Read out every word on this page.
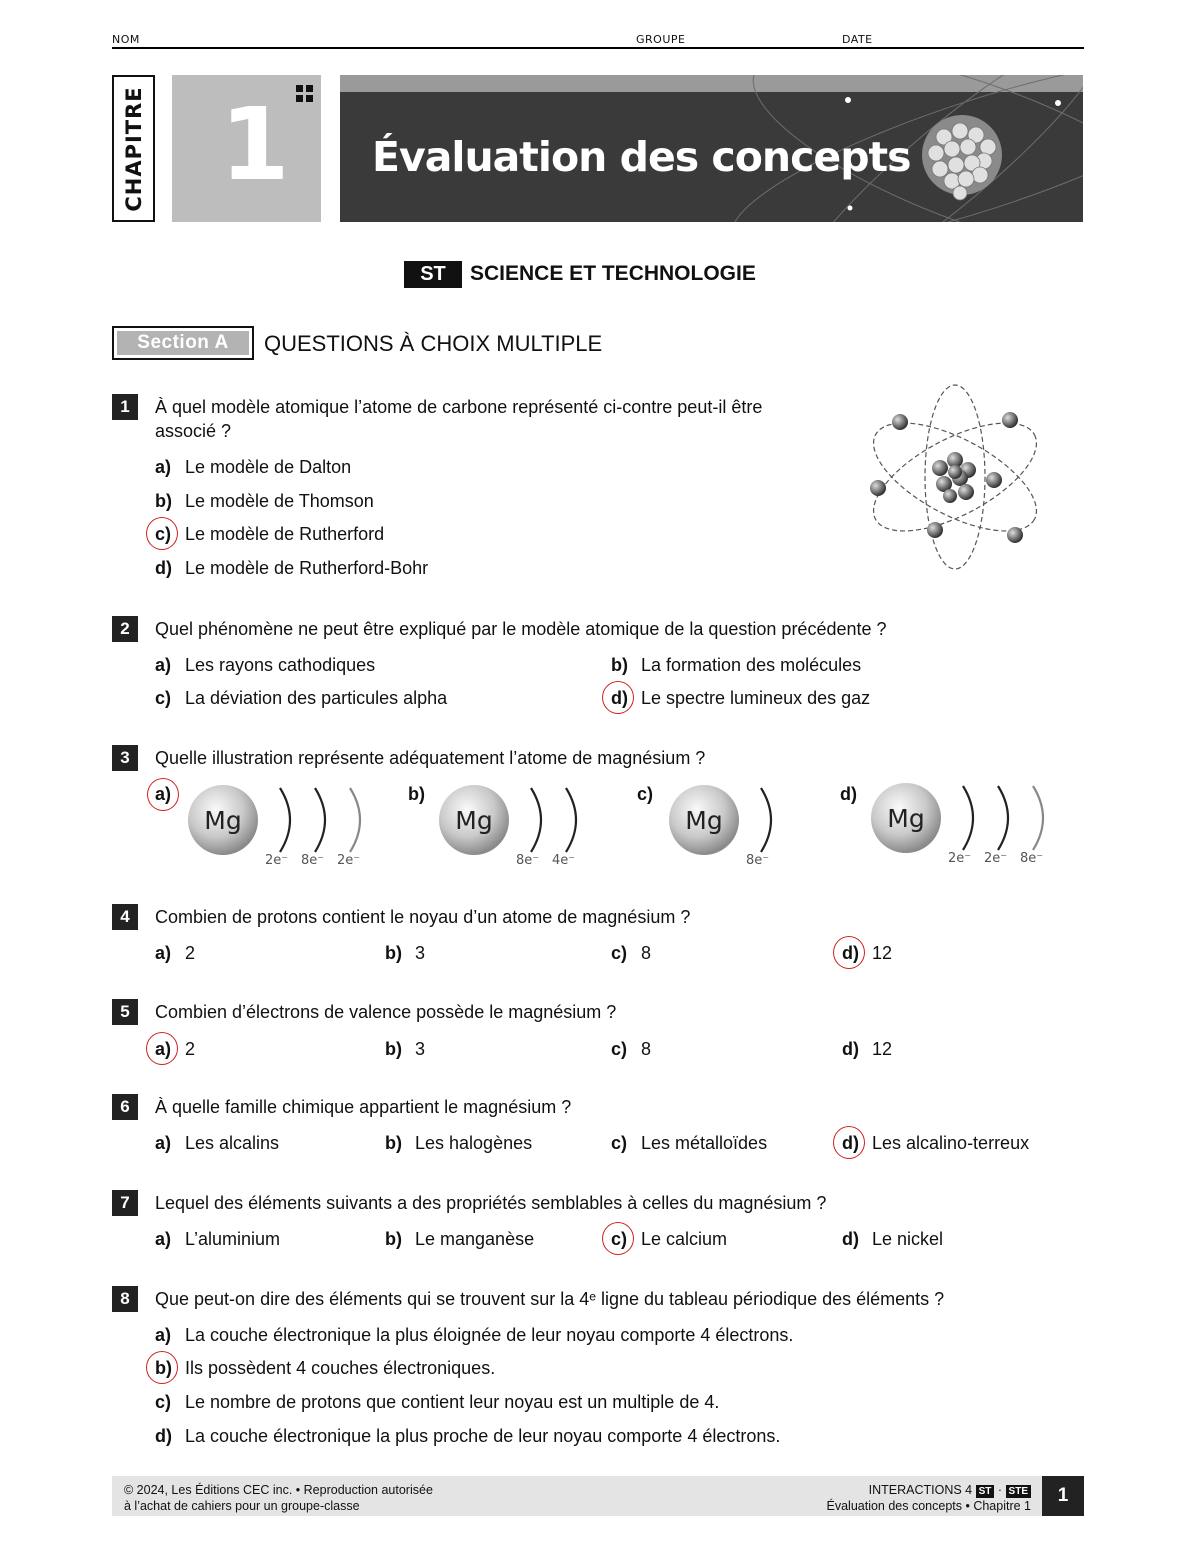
NOM	GROUPE	DATE
CHAPITRE 1 Évaluation des concepts
ST	SCIENCE ET TECHNOLOGIE
Section A	QUESTIONS À CHOIX MULTIPLE
1	À quel modèle atomique l’atome de carbone représenté ci-contre peut-il être associé ?
a) Le modèle de Dalton
b) Le modèle de Thomson
c) Le modèle de Rutherford
d) Le modèle de Rutherford-Bohr
2	Quel phénomène ne peut être expliqué par le modèle atomique de la question précédente ?
a) Les rayons cathodiques	b) La formation des molécules
c) La déviation des particules alpha	d) Le spectre lumineux des gaz
3	Quelle illustration représente adéquatement l’atome de magnésium ?
a)
Mg
2e⁻ 8e⁻ 2e⁻
b)
Mg
8e⁻ 4e⁻
c)
Mg
8e⁻
d)
Mg
2e⁻ 2e⁻ 8e⁻
4	Combien de protons contient le noyau d’un atome de magnésium ?
a) 2	b) 3	c) 8	d) 12
5	Combien d’électrons de valence possède le magnésium ?
a) 2	b) 3	c) 8	d) 12
6	À quelle famille chimique appartient le magnésium ?
a) Les alcalins	b) Les halogènes	c) Les métalloïdes	d) Les alcalino-terreux
7	Lequel des éléments suivants a des propriétés semblables à celles du magnésium ?
a) L’aluminium	b) Le manganèse	c) Le calcium	d) Le nickel
8	Que peut-on dire des éléments qui se trouvent sur la 4ᵉ ligne du tableau périodique des éléments ?
a) La couche électronique la plus éloignée de leur noyau comporte 4 électrons.
b) Ils possèdent 4 couches électroniques.
c) Le nombre de protons que contient leur noyau est un multiple de 4.
d) La couche électronique la plus proche de leur noyau comporte 4 électrons.
© 2024, Les Éditions CEC inc. • Reproduction autorisée
à l’achat de cahiers pour un groupe-classe
INTERACTIONS 4 ST · STE
Évaluation des concepts • Chapitre 1	1
